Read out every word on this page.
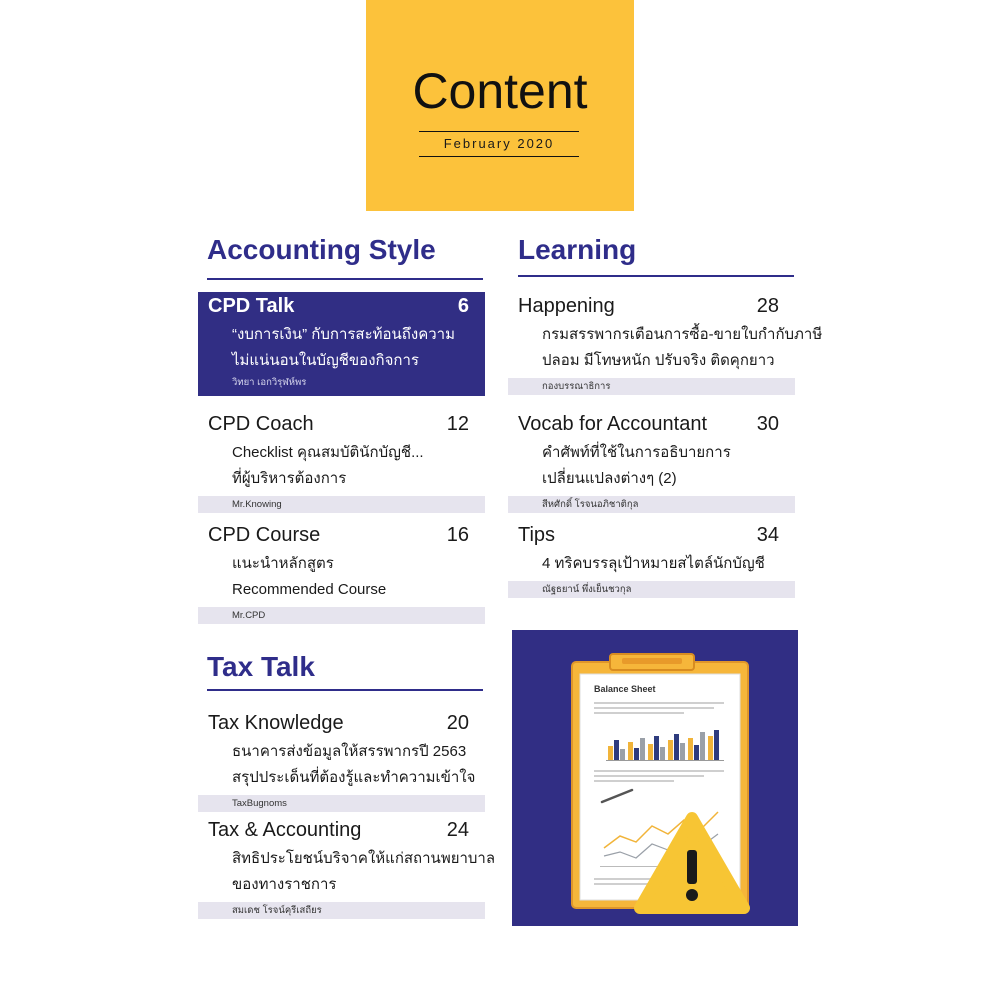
Content
February 2020
Accounting Style
CPD Talk	6
“งบการเงิน” กับการสะท้อนถึงความ
ไม่แน่นอนในบัญชีของกิจการ
วิทยา เอกวิรุฬห์พร
CPD Coach	12
Checklist คุณสมบัตินักบัญชี...
ที่ผู้บริหารต้องการ
Mr.Knowing
CPD Course	16
แนะนำหลักสูตร
Recommended Course
Mr.CPD
Tax Talk
Tax Knowledge	20
ธนาคารส่งข้อมูลให้สรรพากรปี 2563
สรุปประเด็นที่ต้องรู้และทำความเข้าใจ
TaxBugnoms
Tax & Accounting	24
สิทธิประโยชน์บริจาคให้แก่สถานพยาบาล
ของทางราชการ
สมเดช โรจน์คุรีเสถียร
Learning
Happening	28
กรมสรรพากรเตือนการซื้อ-ขายใบกำกับภาษี
ปลอม มีโทษหนัก ปรับจริง ติดคุกยาว
กองบรรณาธิการ
Vocab for Accountant 30
คำศัพท์ที่ใช้ในการอธิบายการ
เปลี่ยนแปลงต่างๆ (2)
สีหศักดิ์ โรจนอภิชาติกุล
Tips	34
4 ทริคบรรลุเป้าหมายสไตล์นักบัญชี
ณัฐธยาน์ พึ่งเย็นชวกุล
Balance Sheet
